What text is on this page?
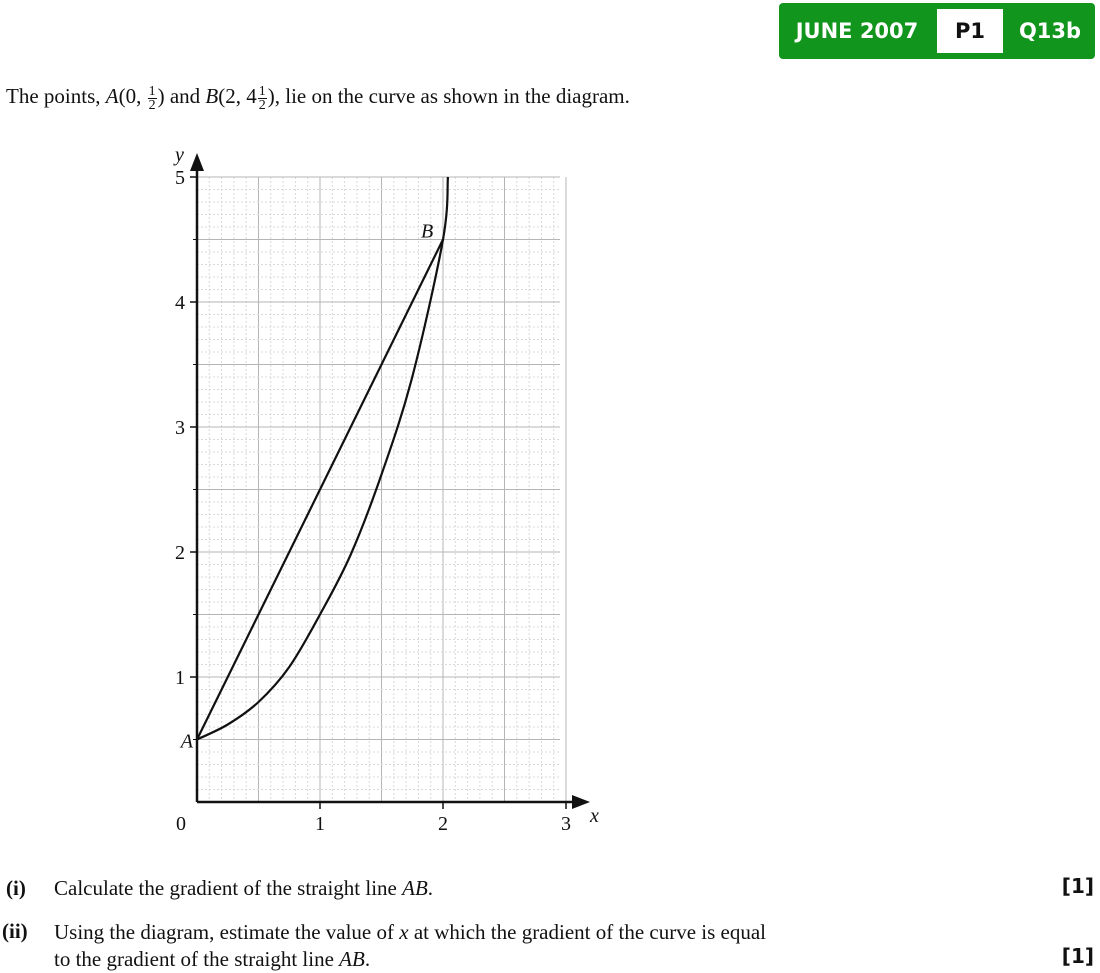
JUNE 2007	P1	Q13b
The points, A(0, $\frac{1}{2}$ ) and B(2, $4 \frac{1}{2}$ ), lie on the curve as shown in the diagram.
0	1	2	3
1
2
3
4
5
A
B
x
y
(i) Calculate the gradient of the straight line AB.	[1]
(ii) Using the diagram, estimate the value of x at which the gradient of the curve is equal
to the gradient of the straight line AB.	[1]
